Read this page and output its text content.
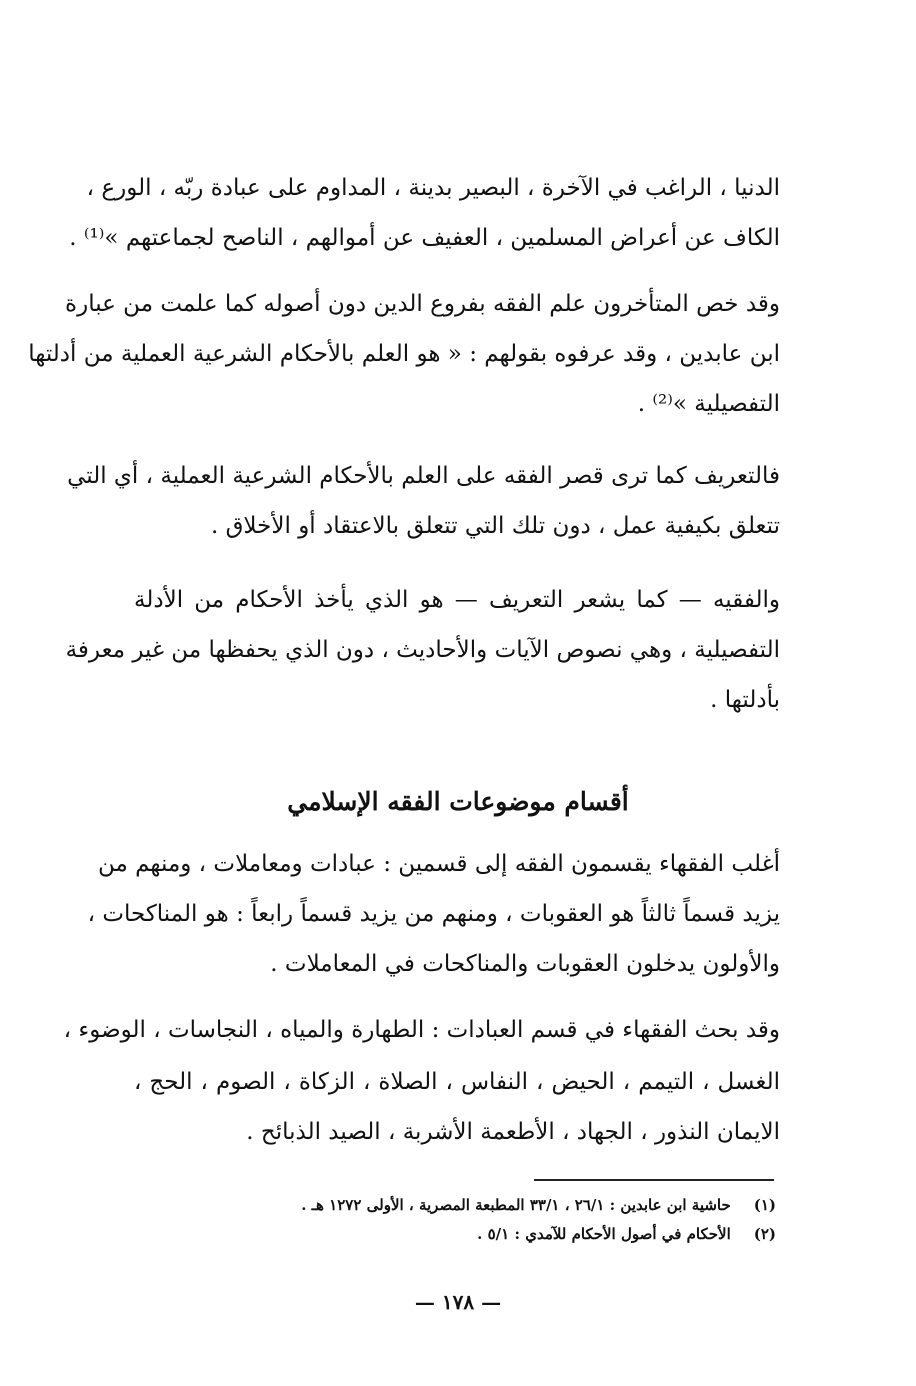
الدنيا ، الراغب في الآخرة ، البصير بدينة ، المداوم على عبادة ربّه ، الورع ،
الكاف عن أعراض المسلمين ، العفيف عن أموالهم ، الناصح لجماعتهم »⁽¹⁾ .
وقد خص المتأخرون علم الفقه بفروع الدين دون أصوله كما علمت من عبارة
ابن عابدين ، وقد عرفوه بقولهم : « هو العلم بالأحكام الشرعية العملية من أدلتها
التفصيلية »⁽²⁾ .
فالتعريف كما ترى قصر الفقه على العلم بالأحكام الشرعية العملية ، أي التي
تتعلق بكيفية عمل ، دون تلك التي تتعلق بالاعتقاد أو الأخلاق .
والفقيه — كما يشعر التعريف — هو الذي يأخذ الأحكام من الأدلة
التفصيلية ، وهي نصوص الآيات والأحاديث ، دون الذي يحفظها من غير معرفة
بأدلتها .
أقسام موضوعات الفقه الإسلامي
أغلب الفقهاء يقسمون الفقه إلى قسمين : عبادات ومعاملات ، ومنهم من
يزيد قسماً ثالثاً هو العقوبات ، ومنهم من يزيد قسماً رابعاً : هو المناكحات ،
والأولون يدخلون العقوبات والمناكحات في المعاملات .
وقد بحث الفقهاء في قسم العبادات : الطهارة والمياه ، النجاسات ، الوضوء ،
الغسل ، التيمم ، الحيض ، النفاس ، الصلاة ، الزكاة ، الصوم ، الحج ،
الايمان النذور ، الجهاد ، الأطعمة الأشربة ، الصيد الذبائح .
(١) حاشية ابن عابدين : ٢٦/١ ، ٣٣/١ المطبعة المصرية ، الأولى ١٢٧٢ هـ .
(٢) الأحكام في أصول الأحكام للآمدي : ٥/١ .
— ١٧٨ —
